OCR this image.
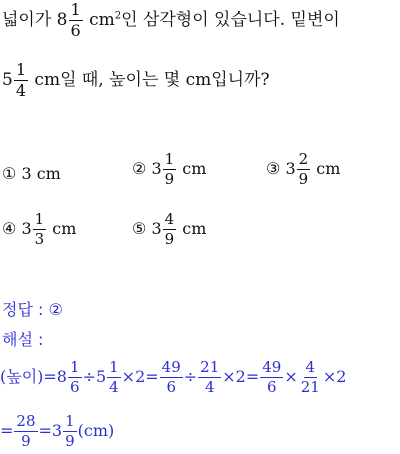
넓이가 $8 \frac{1}{6} cm^2$인 삼각형이 있습니다. 밑변이
$5 \frac{1}{4}$ cm일 때, 높이는 몇 cm입니까?
① 3 cm	② $3 \frac{1}{9}$ cm	③ $3 \frac{2}{9}$ cm
④ $3 \frac{1}{3}$ cm	⑤ $3 \frac{4}{9}$ cm
정답 : ②
해설 :
(높이)$=8 \frac{1}{6} \div 5 \frac{1}{4} \times 2= \frac{49}{6} \div \frac{21}{4} \times 2= \frac{49}{6} \times \frac{4}{21} \times 2$
= $\frac{28}{9} =3 \frac{1}{9} (cm)$
